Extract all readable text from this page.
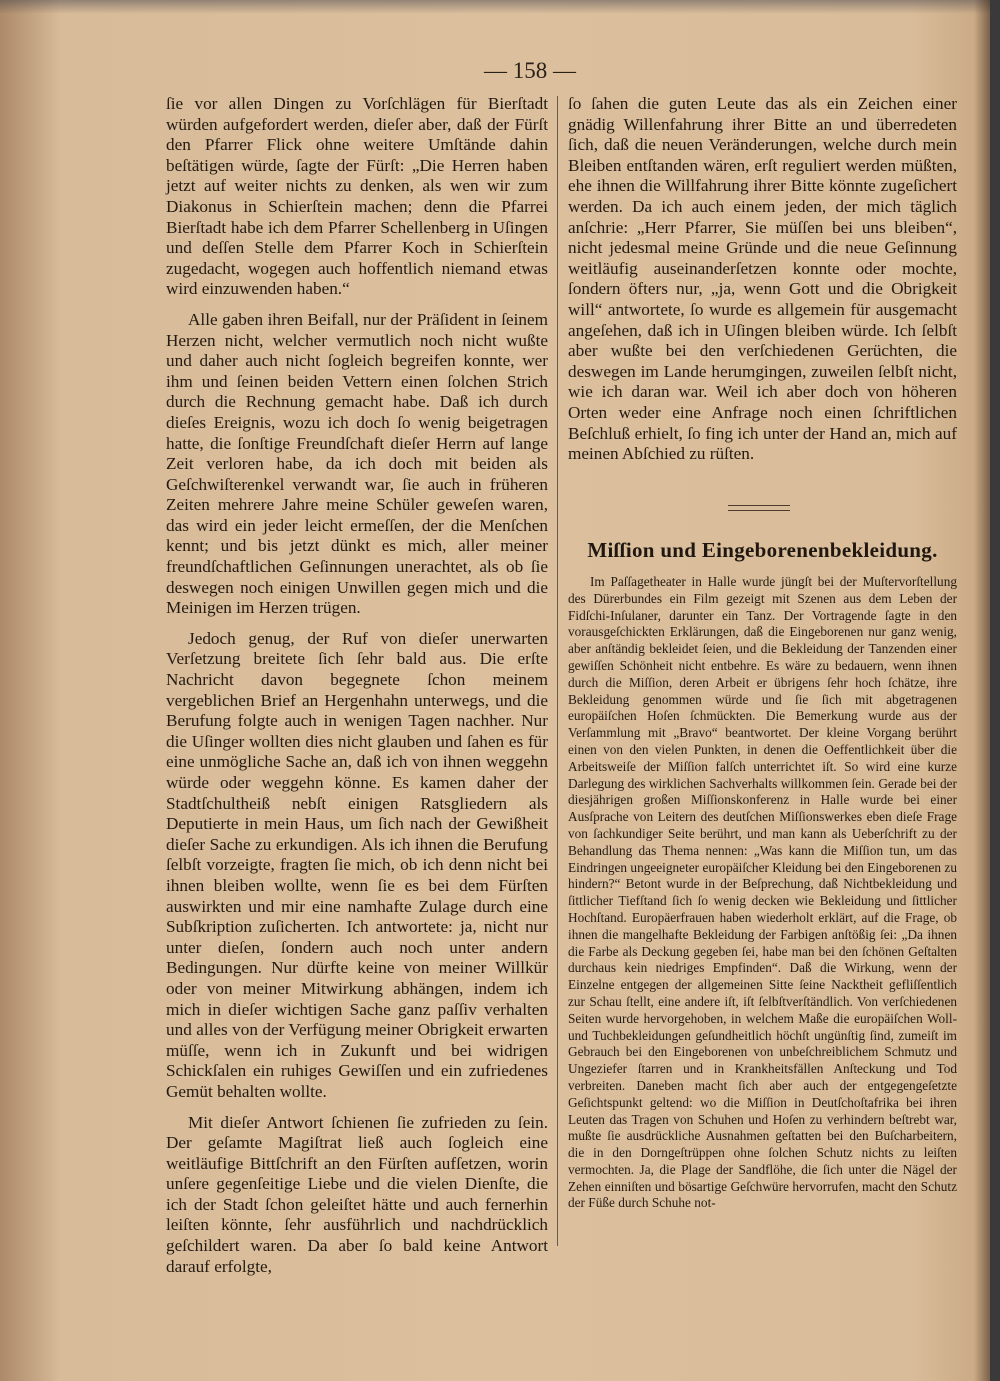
— 158 —

ſie vor allen Dingen zu Vorſchlägen für Bierſtadt würden aufgefordert werden, dieſer aber, daß der Fürſt den Pfarrer Flick ohne weitere Umſtände dahin beſtätigen würde, ſagte der Fürſt: „Die Herren haben jetzt auf weiter nichts zu denken, als wen wir zum Diakonus in Schierſtein machen; denn die Pfarrei Bierſtadt habe ich dem Pfarrer Schellenberg in Uſingen und deſſen Stelle dem Pfarrer Koch in Schierſtein zugedacht, wogegen auch hoffentlich niemand etwas wird einzuwenden haben.“

Alle gaben ihren Beifall, nur der Präſident in ſeinem Herzen nicht, welcher vermutlich noch nicht wußte und daher auch nicht ſogleich begreifen konnte, wer ihm und ſeinen beiden Vettern einen ſolchen Strich durch die Rechnung gemacht habe. Daß ich durch dieſes Ereignis, wozu ich doch ſo wenig beigetragen hatte, die ſonſtige Freundſchaft dieſer Herrn auf lange Zeit verloren habe, da ich doch mit beiden als Geſchwiſterenkel verwandt war, ſie auch in früheren Zeiten mehrere Jahre meine Schüler geweſen waren, das wird ein jeder leicht ermeſſen, der die Menſchen kennt; und bis jetzt dünkt es mich, aller meiner freundſchaftlichen Geſinnungen unerachtet, als ob ſie deswegen noch einigen Unwillen gegen mich und die Meinigen im Herzen trügen.

Jedoch genug, der Ruf von dieſer unerwarten Verſetzung breitete ſich ſehr bald aus. Die erſte Nachricht davon begegnete ſchon meinem vergeblichen Brief an Hergenhahn unterwegs, und die Berufung folgte auch in wenigen Tagen nachher. Nur die Uſinger wollten dies nicht glauben und ſahen es für eine unmögliche Sache an, daß ich von ihnen weggehn würde oder weggehn könne. Es kamen daher der Stadtſchultheiß nebſt einigen Ratsgliedern als Deputierte in mein Haus, um ſich nach der Gewißheit dieſer Sache zu erkundigen. Als ich ihnen die Berufung ſelbſt vorzeigte, fragten ſie mich, ob ich denn nicht bei ihnen bleiben wollte, wenn ſie es bei dem Fürſten auswirkten und mir eine namhafte Zulage durch eine Subſkription zuſicherten. Ich antwortete: ja, nicht nur unter dieſen, ſondern auch noch unter andern Bedingungen. Nur dürfte keine von meiner Willkür oder von meiner Mitwirkung abhängen, indem ich mich in dieſer wichtigen Sache ganz paſſiv verhalten und alles von der Verfügung meiner Obrigkeit erwarten müſſe, wenn ich in Zukunft und bei widrigen Schickſalen ein ruhiges Gewiſſen und ein zufriedenes Gemüt behalten wollte.

Mit dieſer Antwort ſchienen ſie zufrieden zu ſein. Der geſamte Magiſtrat ließ auch ſogleich eine weitläufige Bittſchrift an den Fürſten aufſetzen, worin unſere gegenſeitige Liebe und die vielen Dienſte, die ich der Stadt ſchon geleiſtet hätte und auch fernerhin leiſten könnte, ſehr ausführlich und nachdrücklich geſchildert waren. Da aber ſo bald keine Antwort darauf erfolgte,

ſo ſahen die guten Leute das als ein Zeichen einer gnädig Willenfahrung ihrer Bitte an und überredeten ſich, daß die neuen Veränderungen, welche durch mein Bleiben entſtanden wären, erſt reguliert werden müßten, ehe ihnen die Willfahrung ihrer Bitte könnte zugeſichert werden. Da ich auch einem jeden, der mich täglich anſchrie: „Herr Pfarrer, Sie müſſen bei uns bleiben“, nicht jedesmal meine Gründe und die neue Geſinnung weitläufig auseinanderſetzen konnte oder mochte, ſondern öfters nur, „ja, wenn Gott und die Obrigkeit will“ antwortete, ſo wurde es allgemein für ausgemacht angeſehen, daß ich in Uſingen bleiben würde. Ich ſelbſt aber wußte bei den verſchiedenen Gerüchten, die deswegen im Lande herumgingen, zuweilen ſelbſt nicht, wie ich daran war. Weil ich aber doch von höheren Orten weder eine Anfrage noch einen ſchriftlichen Beſchluß erhielt, ſo fing ich unter der Hand an, mich auf meinen Abſchied zu rüſten.

Miſſion und Eingeborenenbekleidung.

Im Paſſagetheater in Halle wurde jüngſt bei der Muſtervorſtellung des Dürerbundes ein Film gezeigt mit Szenen aus dem Leben der Fidſchi-Inſulaner, darunter ein Tanz. Der Vortragende ſagte in den vorausgeſchickten Erklärungen, daß die Eingeborenen nur ganz wenig, aber anſtändig bekleidet ſeien, und die Bekleidung der Tanzenden einer gewiſſen Schönheit nicht entbehre. Es wäre zu bedauern, wenn ihnen durch die Miſſion, deren Arbeit er übrigens ſehr hoch ſchätze, ihre Bekleidung genommen würde und ſie ſich mit abgetragenen europäiſchen Hoſen ſchmückten. Die Bemerkung wurde aus der Verſammlung mit „Bravo“ beantwortet. Der kleine Vorgang berührt einen von den vielen Punkten, in denen die Oeffentlichkeit über die Arbeitsweiſe der Miſſion falſch unterrichtet iſt. So wird eine kurze Darlegung des wirklichen Sachverhalts willkommen ſein. Gerade bei der diesjährigen großen Miſſionskonferenz in Halle wurde bei einer Ausſprache von Leitern des deutſchen Miſſionswerkes eben dieſe Frage von ſachkundiger Seite berührt, und man kann als Ueberſchrift zu der Behandlung das Thema nennen: „Was kann die Miſſion tun, um das Eindringen ungeeigneter europäiſcher Kleidung bei den Eingeborenen zu hindern?“ Betont wurde in der Beſprechung, daß Nichtbekleidung und ſittlicher Tiefſtand ſich ſo wenig decken wie Bekleidung und ſittlicher Hochſtand. Europäerfrauen haben wiederholt erklärt, auf die Frage, ob ihnen die mangelhafte Bekleidung der Farbigen anſtößig ſei: „Da ihnen die Farbe als Deckung gegeben ſei, habe man bei den ſchönen Geſtalten durchaus kein niedriges Empfinden“. Daß die Wirkung, wenn der Einzelne entgegen der allgemeinen Sitte ſeine Nacktheit gefliſſentlich zur Schau ſtellt, eine andere iſt, iſt ſelbſtverſtändlich. Von verſchiedenen Seiten wurde hervorgehoben, in welchem Maße die europäiſchen Woll- und Tuchbekleidungen geſundheitlich höchſt ungünſtig ſind, zumeiſt im Gebrauch bei den Eingeborenen von unbeſchreiblichem Schmutz und Ungeziefer ſtarren und in Krankheitsfällen Anſteckung und Tod verbreiten. Daneben macht ſich aber auch der entgegengeſetzte Geſichtspunkt geltend: wo die Miſſion in Deutſchoſtafrika bei ihren Leuten das Tragen von Schuhen und Hoſen zu verhindern beſtrebt war, mußte ſie ausdrückliche Ausnahmen geſtatten bei den Buſcharbeitern, die in den Dorngeſtrüppen ohne ſolchen Schutz nichts zu leiſten vermochten. Ja, die Plage der Sandflöhe, die ſich unter die Nägel der Zehen einniſten und bösartige Geſchwüre hervorrufen, macht den Schutz der Füße durch Schuhe not-
